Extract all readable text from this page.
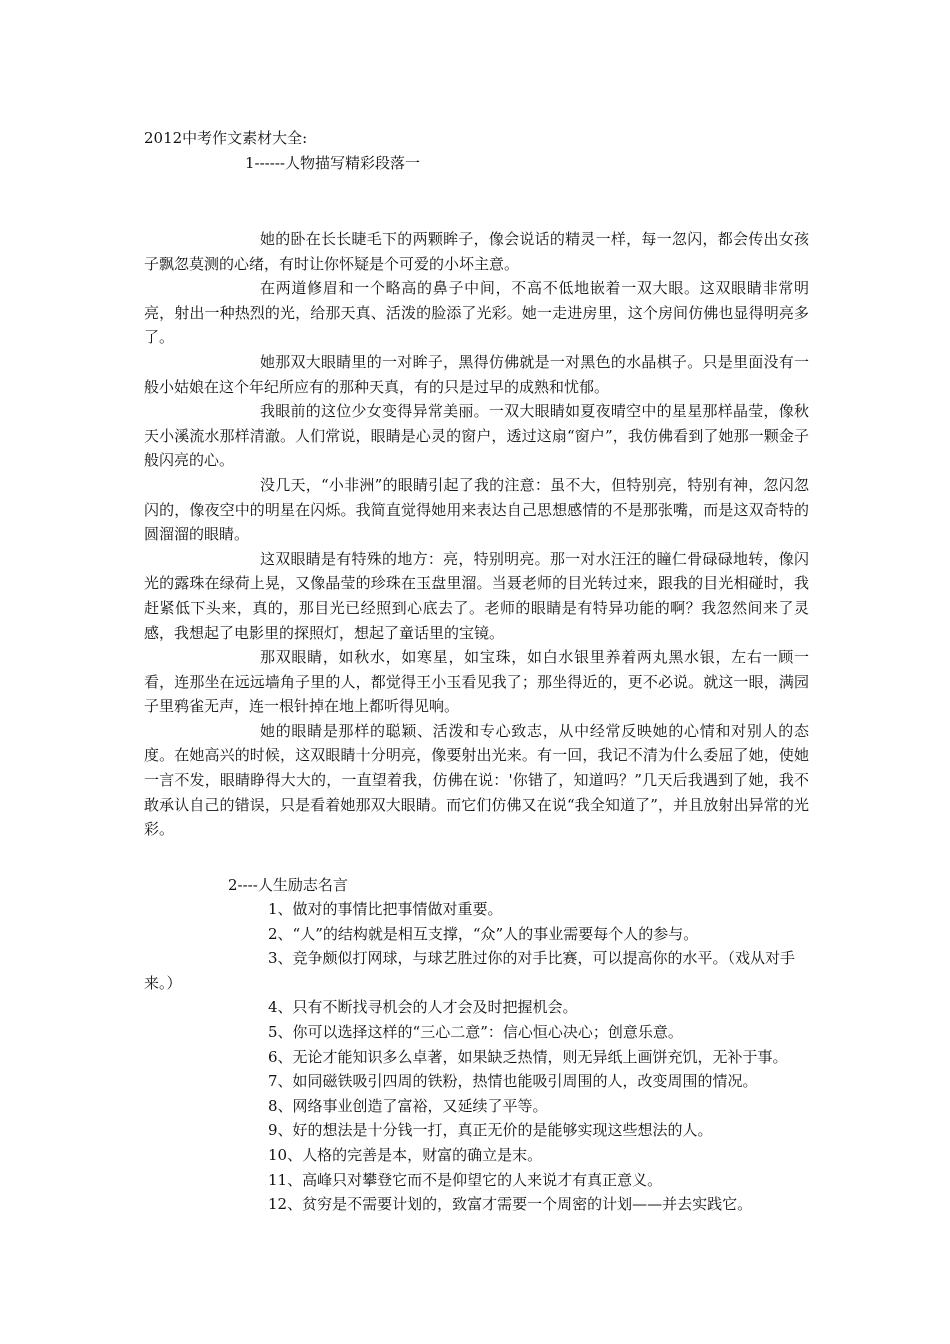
2012中考作文素材大全:
1------人物描写精彩段落一

她的卧在长长睫毛下的两颗眸子，像会说话的精灵一样，每一忽闪，都会传出女孩子飘忽莫测的心绪，有时让你怀疑是个可爱的小坏主意。

在两道修眉和一个略高的鼻子中间，不高不低地嵌着一双大眼。这双眼睛非常明亮，射出一种热烈的光，给那天真、活泼的脸添了光彩。她一走进房里，这个房间仿佛也显得明亮多了。

她那双大眼睛里的一对眸子，黑得仿佛就是一对黑色的水晶棋子。只是里面没有一般小姑娘在这个年纪所应有的那种天真，有的只是过早的成熟和忧郁。

我眼前的这位少女变得异常美丽。一双大眼睛如夏夜晴空中的星星那样晶莹，像秋天小溪流水那样清澈。人们常说，眼睛是心灵的窗户，透过这扇“窗户”，我仿佛看到了她那一颗金子般闪亮的心。

没几天，“小非洲”的眼睛引起了我的注意：虽不大，但特别亮，特别有神，忽闪忽闪的，像夜空中的明星在闪烁。我简直觉得她用来表达自己思想感情的不是那张嘴，而是这双奇特的圆溜溜的眼睛。

这双眼睛是有特殊的地方：亮，特别明亮。那一对水汪汪的瞳仁骨碌碌地转，像闪光的露珠在绿荷上晃，又像晶莹的珍珠在玉盘里溜。当聂老师的目光转过来，跟我的目光相碰时，我赶紧低下头来，真的，那目光已经照到心底去了。老师的眼睛是有特异功能的啊？我忽然间来了灵感，我想起了电影里的探照灯，想起了童话里的宝镜。

那双眼睛，如秋水，如寒星，如宝珠，如白水银里养着两丸黑水银，左右一顾一看，连那坐在远远墙角子里的人，都觉得王小玉看见我了；那坐得近的，更不必说。就这一眼，满园子里鸦雀无声，连一根针掉在地上都听得见响。

她的眼睛是那样的聪颖、活泼和专心致志，从中经常反映她的心情和对别人的态度。在她高兴的时候，这双眼睛十分明亮，像要射出光来。有一回，我记不清为什么委屈了她，使她一言不发，眼睛睁得大大的，一直望着我，仿佛在说：'你错了，知道吗？”几天后我遇到了她，我不敢承认自己的错误，只是看着她那双大眼睛。而它们仿佛又在说“我全知道了”，并且放射出异常的光彩。

2----人生励志名言
1、做对的事情比把事情做对重要。
2、“人”的结构就是相互支撑，“众”人的事业需要每个人的参与。
3、竞争颇似打网球，与球艺胜过你的对手比赛，可以提高你的水平。（戏从对手来。）
4、只有不断找寻机会的人才会及时把握机会。
5、你可以选择这样的“三心二意”：信心恒心决心；创意乐意。
6、无论才能知识多么卓著，如果缺乏热情，则无异纸上画饼充饥，无补于事。
7、如同磁铁吸引四周的铁粉，热情也能吸引周围的人，改变周围的情况。
8、网络事业创造了富裕，又延续了平等。
9、好的想法是十分钱一打，真正无价的是能够实现这些想法的人。
10、人格的完善是本，财富的确立是末。
11、高峰只对攀登它而不是仰望它的人来说才有真正意义。
12、贫穷是不需要计划的，致富才需要一个周密的计划——并去实践它。
